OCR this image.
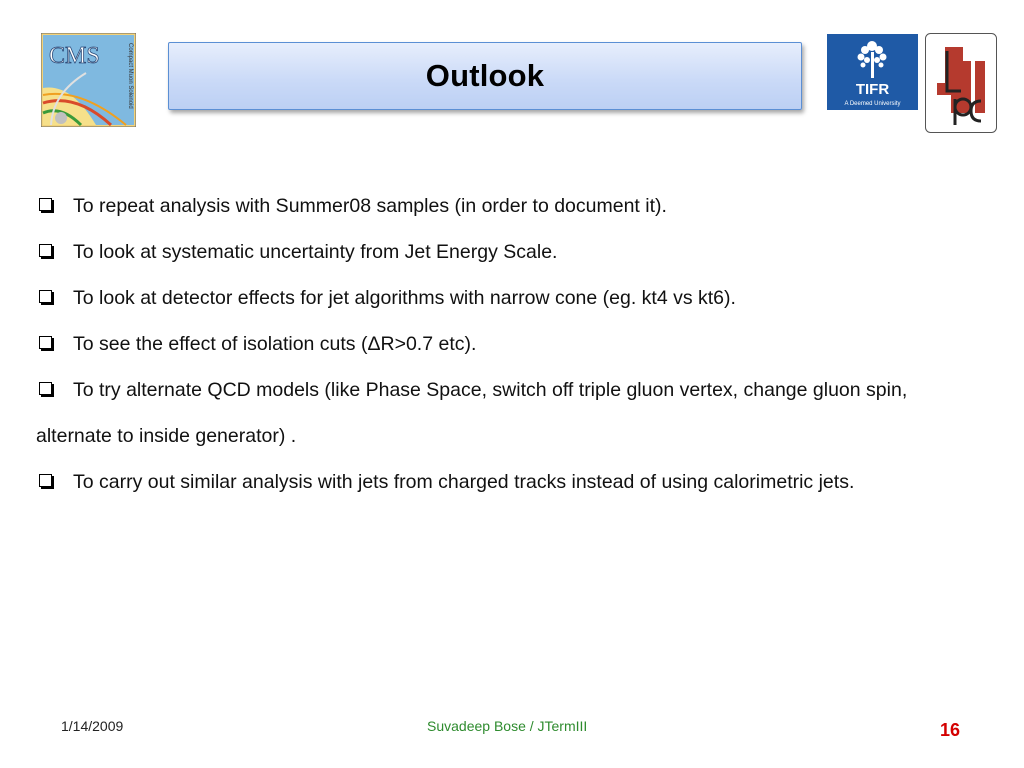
CMS	Compact Muon Solenoid	Outlook	TIFR
A Deemed University
LPC

To repeat analysis with Summer08 samples (in order to document it).

To look at systematic uncertainty from Jet Energy Scale.

To look at detector effects for jet algorithms with narrow cone (eg. kt4 vs kt6).

To see the effect of isolation cuts (ΔR>0.7 etc).

To try alternate QCD models (like Phase Space, switch off triple gluon vertex, change gluon spin, alternate to inside generator) .

To carry out similar analysis with jets from charged tracks instead of using calorimetric jets.

1/14/2009	Suvadeep Bose / JTermIII	16
